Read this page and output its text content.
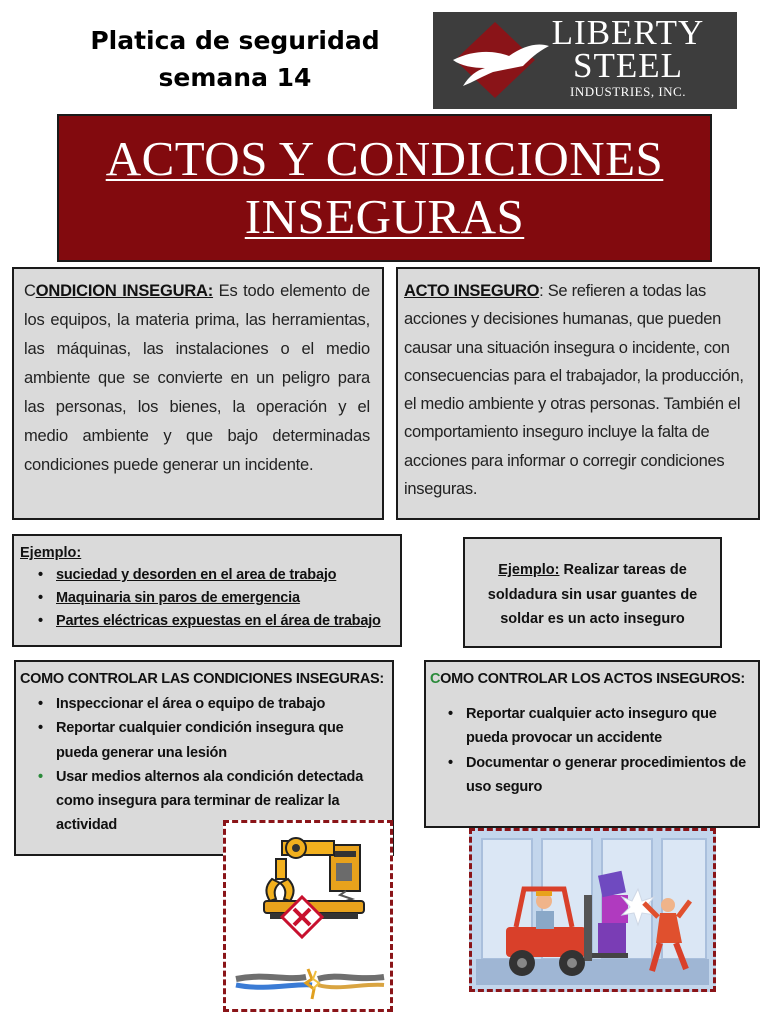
Platica de seguridad
semana 14
LIBERTY
STEEL
INDUSTRIES, INC.
ACTOS Y CONDICIONES
INSEGURAS

CONDICION INSEGURA: Es todo elemento de los equipos, la materia prima, las herramientas, las máquinas, las instalaciones o el medio ambiente que se convierte en un peligro para las personas, los bienes, la operación y el medio ambiente y que bajo determinadas condiciones puede generar un incidente.

ACTO INSEGURO: Se refieren a todas las acciones y decisiones humanas, que pueden causar una situación insegura o incidente, con consecuencias para el trabajador, la producción, el medio ambiente y otras personas. También el comportamiento inseguro incluye la falta de acciones para informar o corregir condiciones inseguras.

Ejemplo:
• suciedad y desorden en el area de trabajo
• Maquinaria sin paros de emergencia
• Partes eléctricas expuestas en el área de trabajo

Ejemplo: Realizar tareas de soldadura sin usar guantes de soldar es un acto inseguro

COMO CONTROLAR LAS CONDICIONES INSEGURAS:
• Inspeccionar el área o equipo de trabajo
• Reportar cualquier condición insegura que pueda generar una lesión
• Usar medios alternos ala condición detectada como insegura para terminar de realizar la actividad
COMO CONTROLAR LOS ACTOS INSEGUROS:
• Reportar cualquier acto inseguro que pueda provocar un accidente
• Documentar o generar procedimientos de uso seguro
